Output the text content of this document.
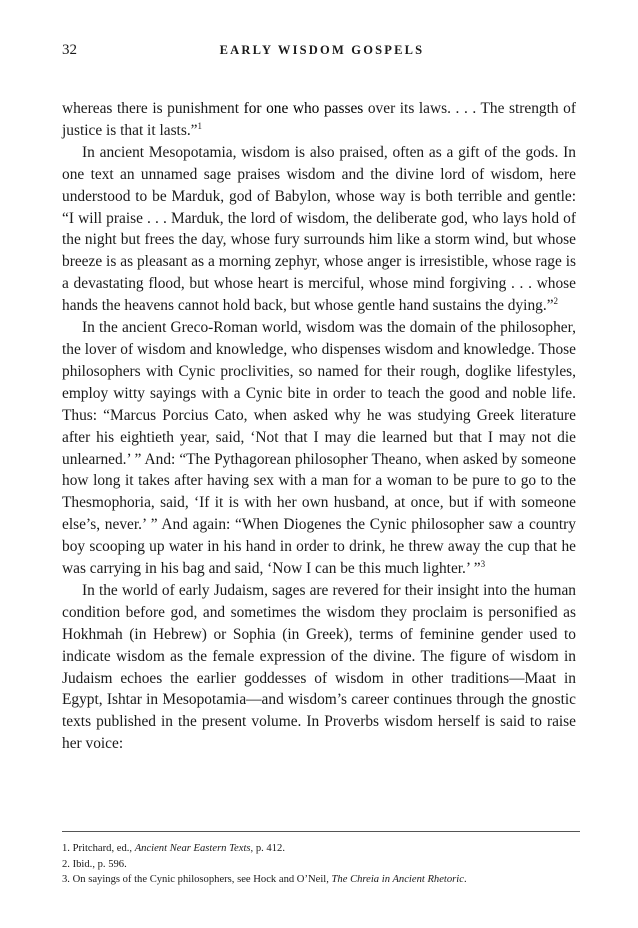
32	EARLY WISDOM GOSPELS

whereas there is punishment for one who passes over its laws. . . . The strength of justice is that it lasts.”$^1$

In ancient Mesopotamia, wisdom is also praised, often as a gift of the gods. In one text an unnamed sage praises wisdom and the divine lord of wisdom, here understood to be Marduk, god of Babylon, whose way is both terrible and gentle: “I will praise . . . Marduk, the lord of wisdom, the deliberate god, who lays hold of the night but frees the day, whose fury surrounds him like a storm wind, but whose breeze is as pleasant as a morning zephyr, whose anger is irresistible, whose rage is a devastating flood, but whose heart is merciful, whose mind forgiving . . . whose hands the heavens cannot hold back, but whose gentle hand sustains the dying.”$^2$

In the ancient Greco-Roman world, wisdom was the domain of the philosopher, the lover of wisdom and knowledge, who dispenses wisdom and knowledge. Those philosophers with Cynic proclivities, so named for their rough, doglike lifestyles, employ witty sayings with a Cynic bite in order to teach the good and noble life. Thus: “Marcus Porcius Cato, when asked why he was studying Greek literature after his eightieth year, said, ‘Not that I may die learned but that I may not die unlearned.’ ” And: “The Pythagorean philosopher Theano, when asked by someone how long it takes after having sex with a man for a woman to be pure to go to the Thesmophoria, said, ‘If it is with her own husband, at once, but if with someone else’s, never.’ ” And again: “When Diogenes the Cynic philosopher saw a country boy scooping up water in his hand in order to drink, he threw away the cup that he was carrying in his bag and said, ‘Now I can be this much lighter.’ ”$^3$

In the world of early Judaism, sages are revered for their insight into the human condition before god, and sometimes the wisdom they proclaim is personified as Hokhmah (in Hebrew) or Sophia (in Greek), terms of feminine gender used to indicate wisdom as the female expression of the divine. The figure of wisdom in Judaism echoes the earlier goddesses of wisdom in other traditions—Maat in Egypt, Ishtar in Mesopotamia—and wisdom’s career continues through the gnostic texts published in the present volume. In Proverbs wisdom herself is said to raise her voice:

1. Pritchard, ed., Ancient Near Eastern Texts, p. 412.
2. Ibid., p. 596.
3. On sayings of the Cynic philosophers, see Hock and O’Neil, The Chreia in Ancient Rhetoric.
